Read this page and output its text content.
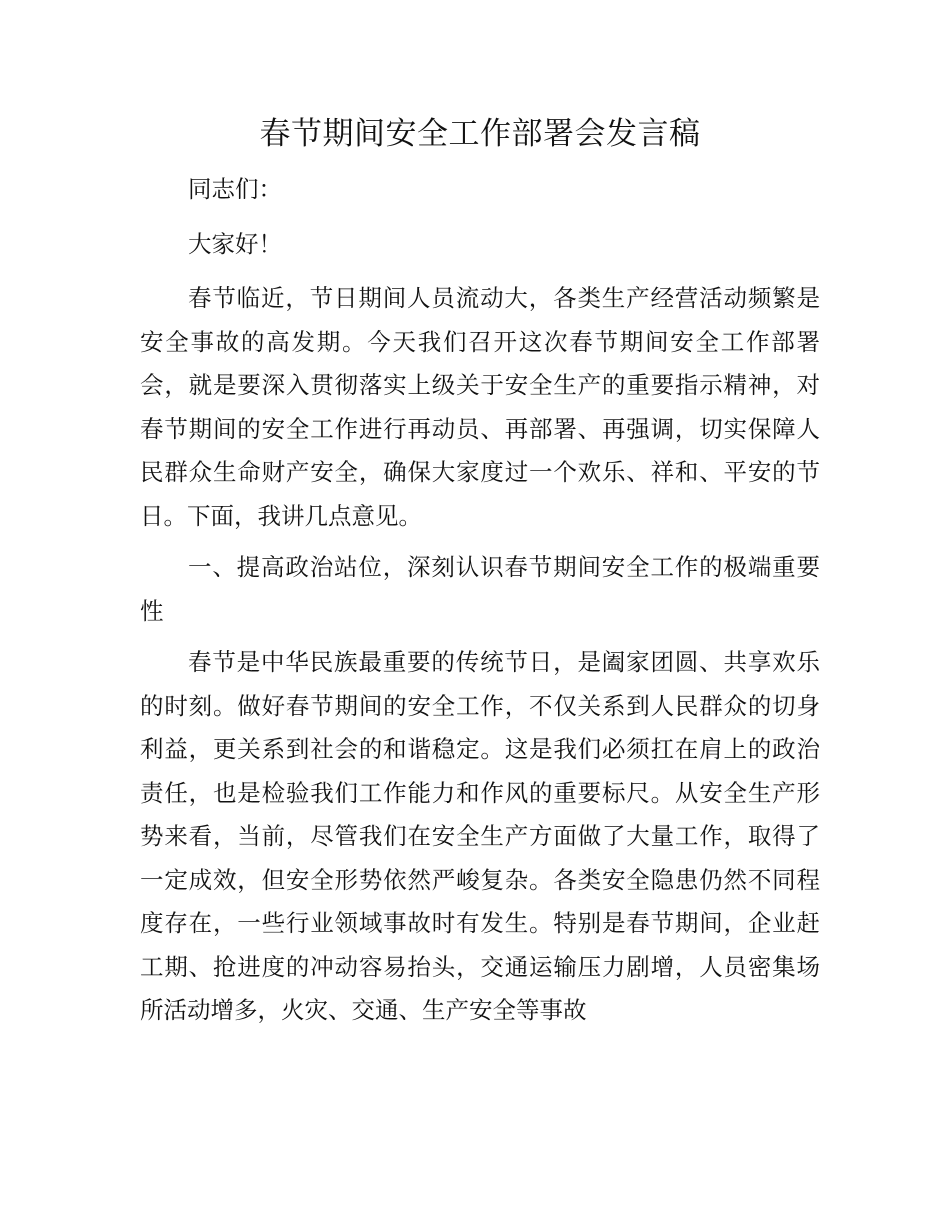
春节期间安全工作部署会发言稿

同志们：

大家好！

春节临近，节日期间人员流动大，各类生产经营活动频繁是安全事故的高发期。今天我们召开这次春节期间安全工作部署会，就是要深入贯彻落实上级关于安全生产的重要指示精神，对春节期间的安全工作进行再动员、再部署、再强调，切实保障人民群众生命财产安全，确保大家度过一个欢乐、祥和、平安的节日。下面，我讲几点意见。

一、提高政治站位，深刻认识春节期间安全工作的极端重要性

春节是中华民族最重要的传统节日，是阖家团圆、共享欢乐的时刻。做好春节期间的安全工作，不仅关系到人民群众的切身利益，更关系到社会的和谐稳定。这是我们必须扛在肩上的政治责任，也是检验我们工作能力和作风的重要标尺。从安全生产形势来看，当前，尽管我们在安全生产方面做了大量工作，取得了一定成效，但安全形势依然严峻复杂。各类安全隐患仍然不同程度存在，一些行业领域事故时有发生。特别是春节期间，企业赶工期、抢进度的冲动容易抬头，交通运输压力剧增，人员密集场所活动增多，火灾、交通、生产安全等事故
